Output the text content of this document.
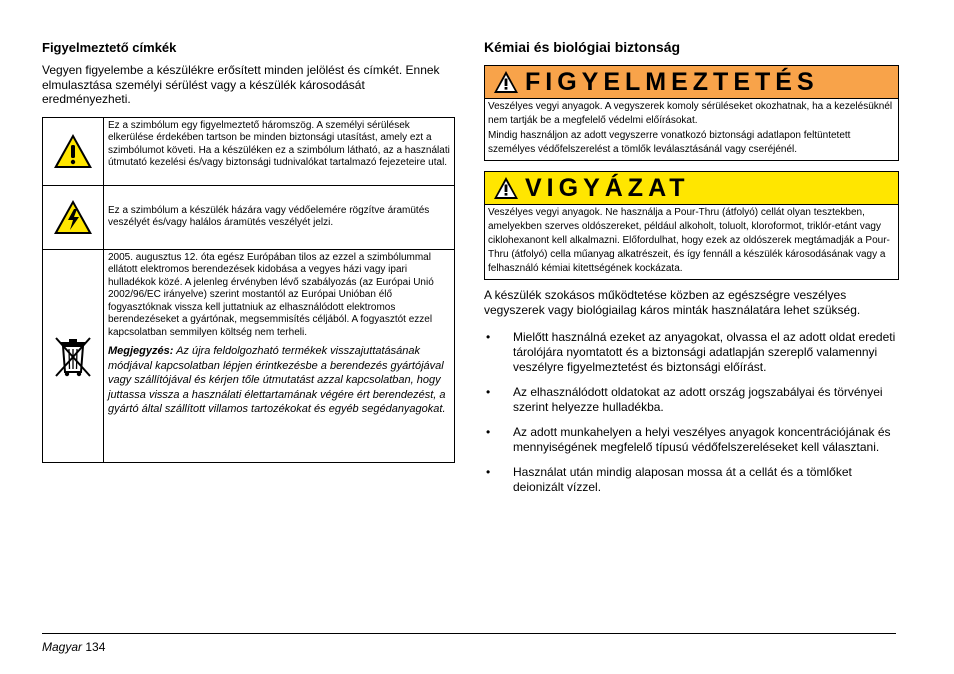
Figyelmeztető címkék

Vegyen figyelembe a készülékre erősített minden jelölést és címkét. Ennek elmulasztása személyi sérülést vagy a készülék károsodását eredményezheti.

	Ez a szimbólum egy figyelmeztető háromszög. A személyi sérülések elkerülése érdekében tartson be minden biztonsági utasítást, amely ezt a szimbólumot követi. Ha a készüléken ez a szimbólum látható, az a használati útmutató kezelési és/vagy biztonsági tudnivalókat tartalmazó fejezeteire utal.

Ez a szimbólum a készülék házára vagy védőelemére rögzítve áramütés veszélyét és/vagy halálos áramütés veszélyét jelzi.

2005. augusztus 12. óta egész Európában tilos az ezzel a szimbólummal ellátott elektromos berendezések kidobása a vegyes házi vagy ipari hulladékok közé. A jelenleg érvényben lévő szabályozás (az Európai Unió 2002/96/EC irányelve) szerint mostantól az Európai Unióban élő fogyasztóknak vissza kell juttatniuk az elhasználódott elektromos berendezéseket a gyártónak, megsemmisítés céljából. A fogyasztót ezzel kapcsolatban semmilyen költség nem terheli.
Megjegyzés: Az újra feldolgozható termékek visszajuttatásának módjával kapcsolatban lépjen érintkezésbe a berendezés gyártójával vagy szállítójával és kérjen tőle útmutatást azzal kapcsolatban, hogy juttassa vissza a használati élettartamának végére ért berendezést, a gyártó által szállított villamos tartozékokat és egyéb segédanyagokat.
Kémiai és biológiai biztonság
FIGYELMEZTETÉS

Veszélyes vegyi anyagok. A vegyszerek komoly sérüléseket okozhatnak, ha a kezelésüknél nem tartják be a megfelelő védelmi előírásokat.

Mindig használjon az adott vegyszerre vonatkozó biztonsági adatlapon feltüntetett személyes védőfelszerelést a tömlők leválasztásánál vagy cseréjénél.

VIGYÁZAT

Veszélyes vegyi anyagok. Ne használja a Pour-Thru (átfolyó) cellát olyan tesztekben, amelyekben szerves oldószereket, például alkoholt, toluolt, kloroformot, triklór-etánt vagy ciklohexanont kell alkalmazni. Előfordulhat, hogy ezek az oldószerek megtámadják a Pour-Thru (átfolyó) cella műanyag alkatrészeit, és így fennáll a készülék károsodásának vagy a felhasználó kémiai kitettségének kockázata.

A készülék szokásos működtetése közben az egészségre veszélyes vegyszerek vagy biológiailag káros minták használatára lehet szükség.

• Mielőtt használná ezeket az anyagokat, olvassa el az adott oldat eredeti tárolójára nyomtatott és a biztonsági adatlapján szereplő valamennyi veszélyre figyelmeztetést és biztonsági előírást.
• Az elhasználódott oldatokat az adott ország jogszabályai és törvényei szerint helyezze hulladékba.
• Az adott munkahelyen a helyi veszélyes anyagok koncentrációjának és mennyiségének megfelelő típusú védőfelszereléseket kell választani.
• Használat után mindig alaposan mossa át a cellát és a tömlőket deionizált vízzel.
Magyar 134
